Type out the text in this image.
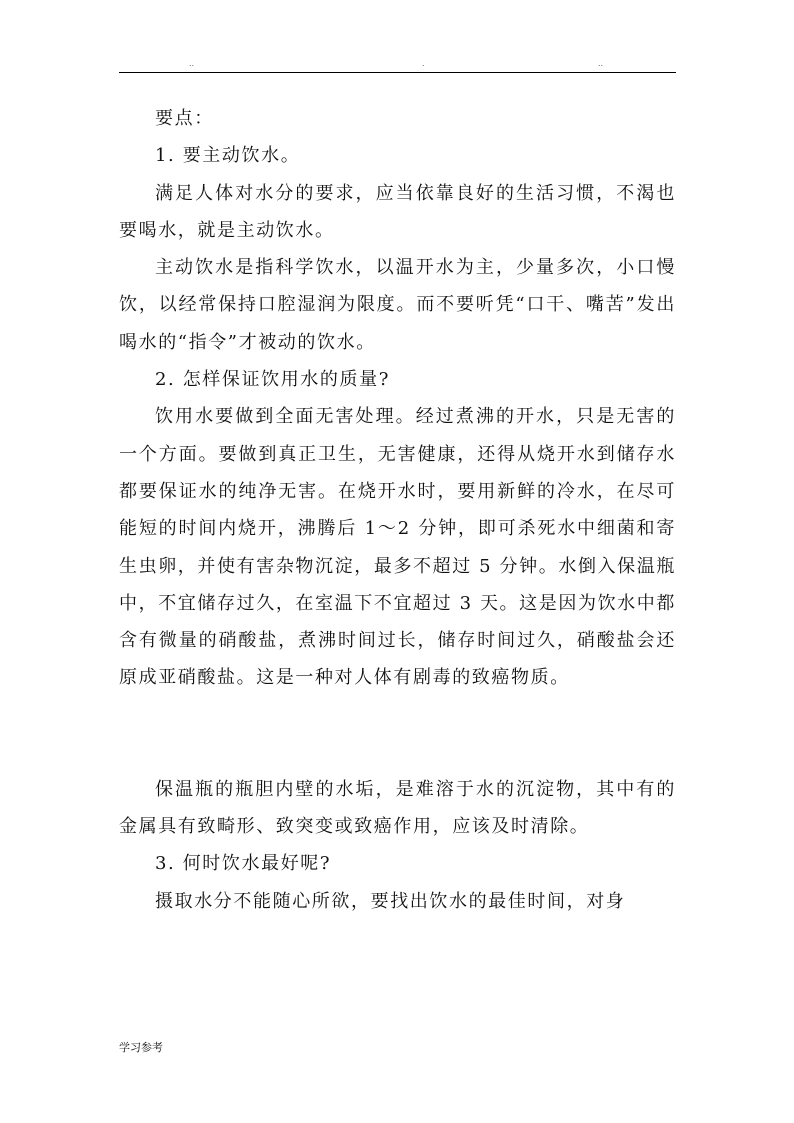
..	.	..

要点：

1. 要主动饮水。

满足人体对水分的要求，应当依靠良好的生活习惯，不渴也要喝水，就是主动饮水。

主动饮水是指科学饮水，以温开水为主，少量多次，小口慢饮，以经常保持口腔湿润为限度。而不要听凭“口干、嘴苦”发出喝水的“指令”才被动的饮水。

2. 怎样保证饮用水的质量?

饮用水要做到全面无害处理。经过煮沸的开水，只是无害的一个方面。要做到真正卫生，无害健康，还得从烧开水到储存水都要保证水的纯净无害。在烧开水时，要用新鲜的冷水，在尽可能短的时间内烧开，沸腾后 1～2 分钟，即可杀死水中细菌和寄生虫卵，并使有害杂物沉淀，最多不超过 5 分钟。水倒入保温瓶中，不宜储存过久，在室温下不宜超过 3 天。这是因为饮水中都含有微量的硝酸盐，煮沸时间过长，储存时间过久，硝酸盐会还原成亚硝酸盐。这是一种对人体有剧毒的致癌物质。

保温瓶的瓶胆内壁的水垢，是难溶于水的沉淀物，其中有的金属具有致畸形、致突变或致癌作用，应该及时清除。

3. 何时饮水最好呢?

摄取水分不能随心所欲，要找出饮水的最佳时间，对身

学习参考
